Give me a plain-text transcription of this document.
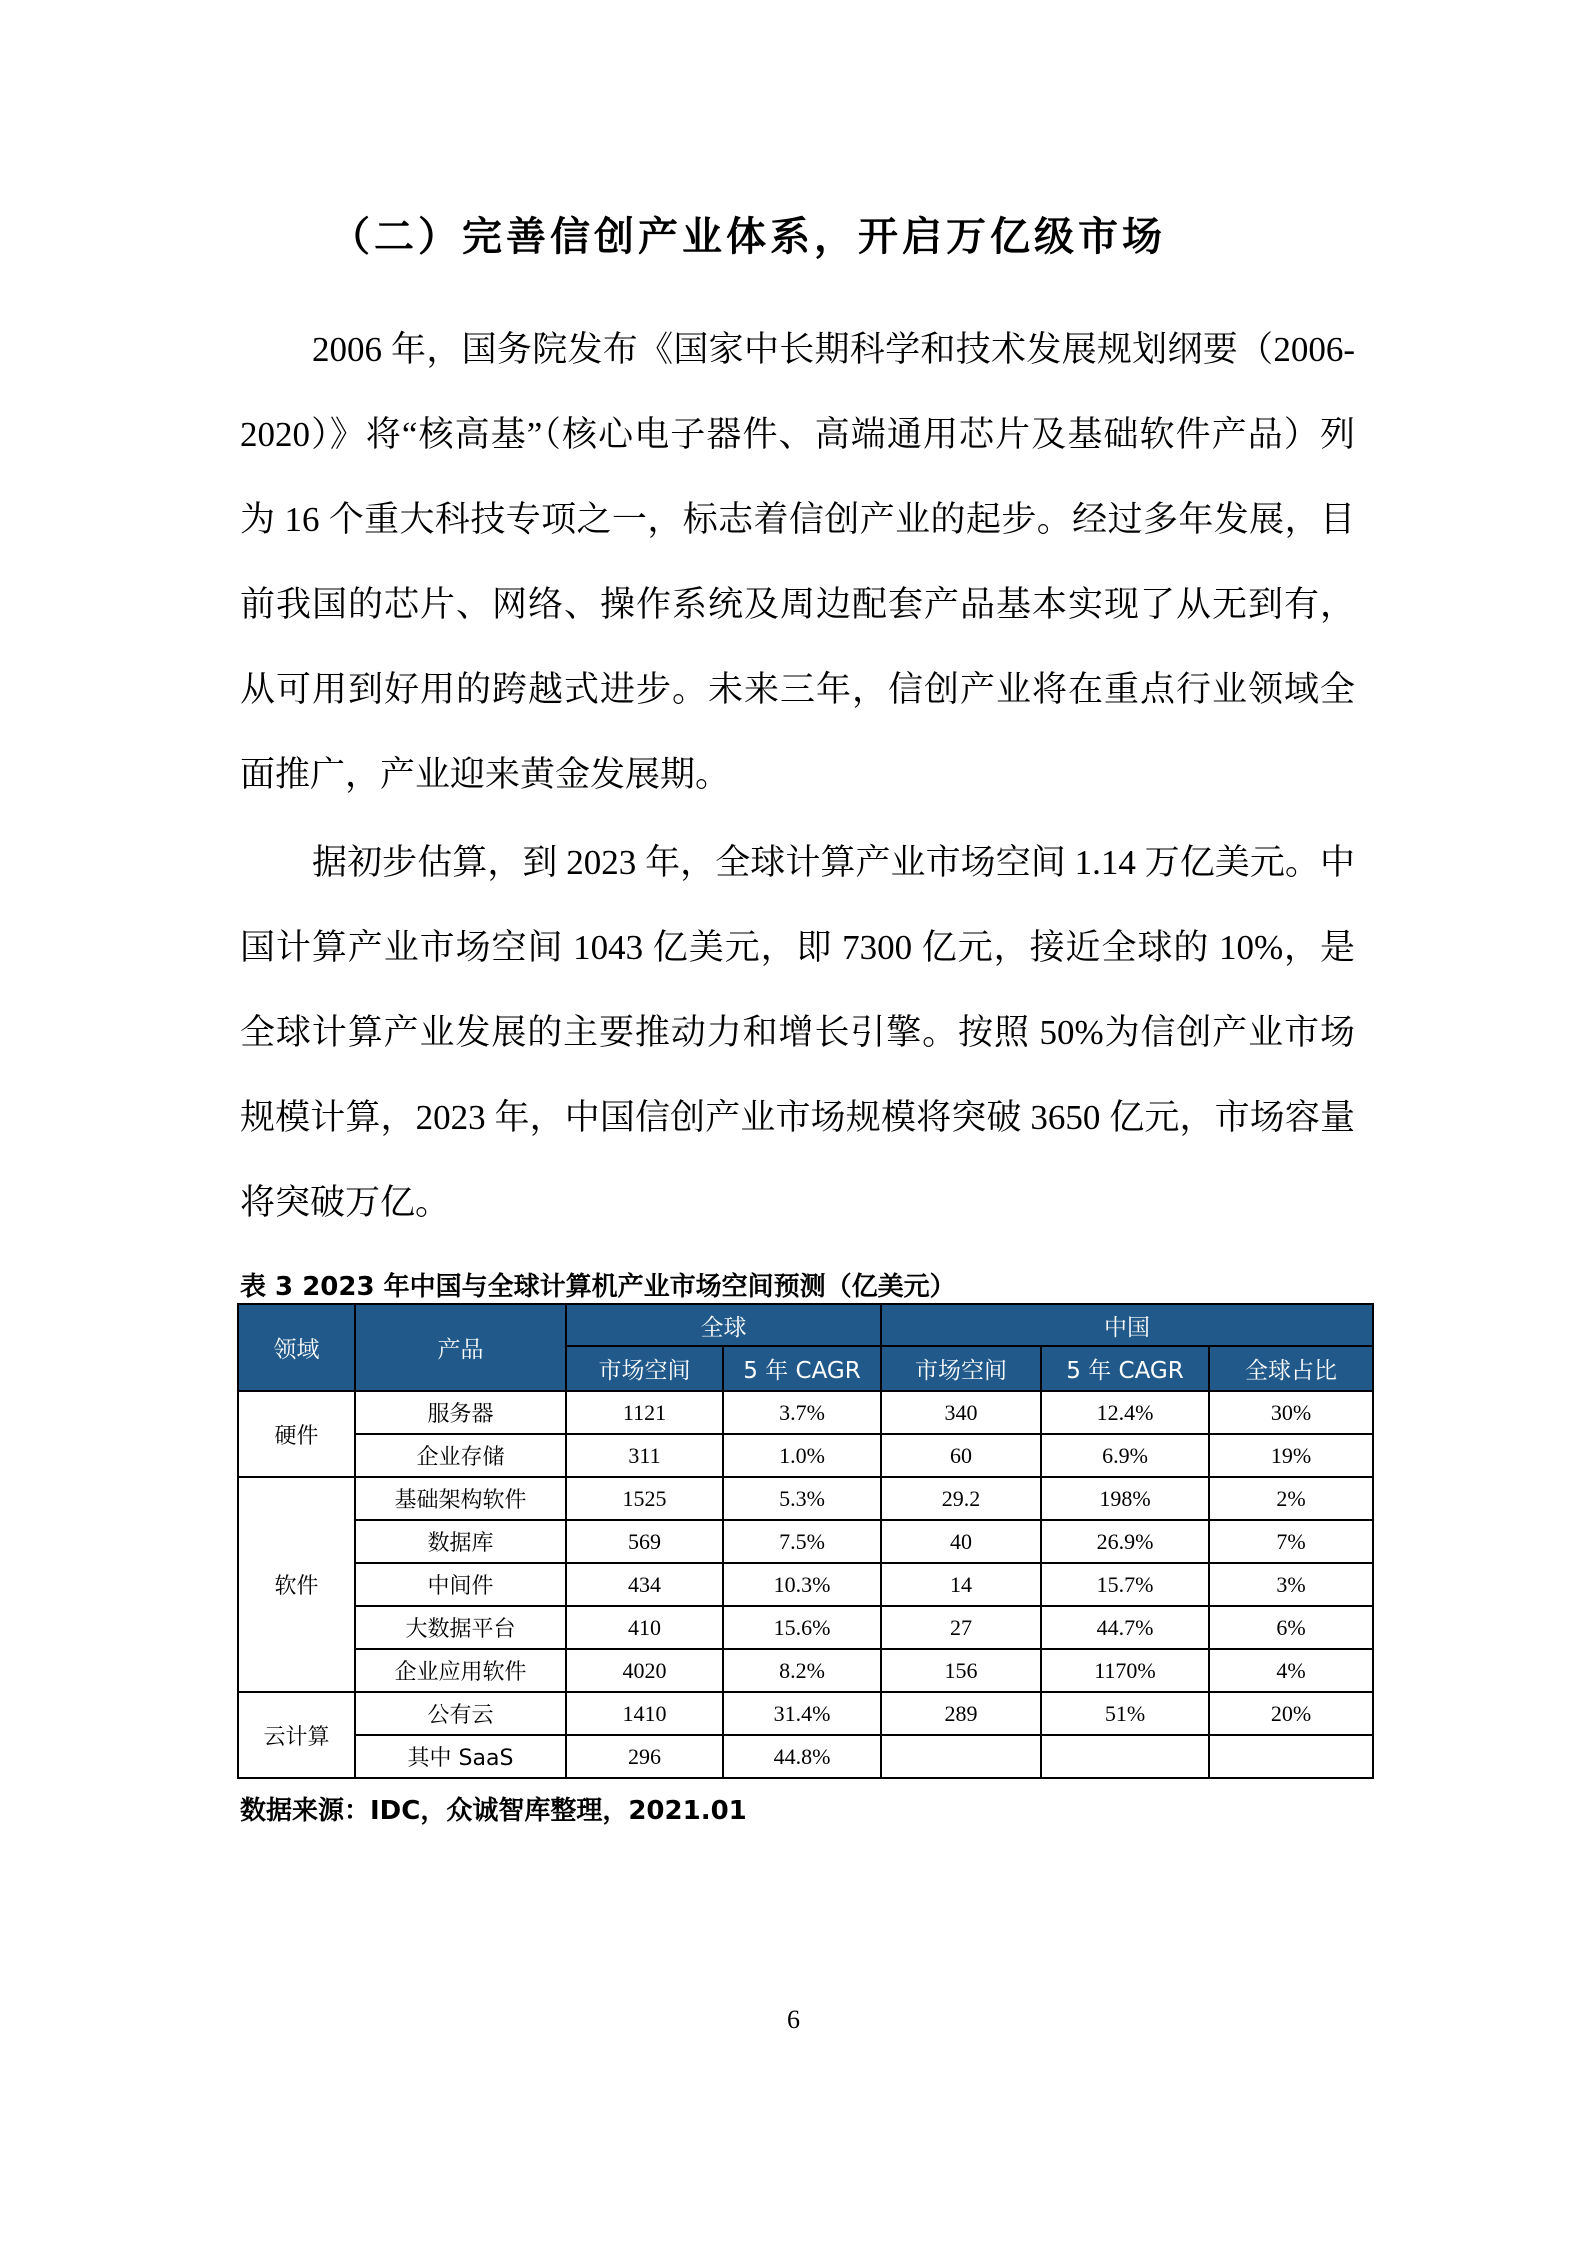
（二）完善信创产业体系，开启万亿级市场
2006 年，国务院发布《国家中长期科学和技术发展规划纲要（2006-2020）》将“核高基”（核心电子器件、高端通用芯片及基础软件产品）列为 16 个重大科技专项之一，标志着信创产业的起步。经过多年发展，目前我国的芯片、网络、操作系统及周边配套产品基本实现了从无到有，从可用到好用的跨越式进步。未来三年，信创产业将在重点行业领域全面推广，产业迎来黄金发展期。
据初步估算，到 2023 年，全球计算产业市场空间 1.14 万亿美元。中国计算产业市场空间 1043 亿美元，即 7300 亿元，接近全球的 10%，是全球计算产业发展的主要推动力和增长引擎。按照 50%为信创产业市场规模计算，2023 年，中国信创产业市场规模将突破 3650 亿元，市场容量将突破万亿。
表 3 2023 年中国与全球计算机产业市场空间预测（亿美元）
领域	产品	全球		中国		
		市场空间	5 年 CAGR	市场空间	5 年 CAGR	全球占比
硬件	服务器	1121	3.7%	340	12.4%	30%
	企业存储	311	1.0%	60	6.9%	19%
软件	基础架构软件	1525	5.3%	29.2	198%	2%
	数据库	569	7.5%	40	26.9%	7%
	中间件	434	10.3%	14	15.7%	3%
	大数据平台	410	15.6%	27	44.7%	6%
	企业应用软件	4020	8.2%	156	1170%	4%
云计算	公有云	1410	31.4%	289	51%	20%
	其中 SaaS	296	44.8%			
数据来源：IDC，众诚智库整理，2021.01
6
